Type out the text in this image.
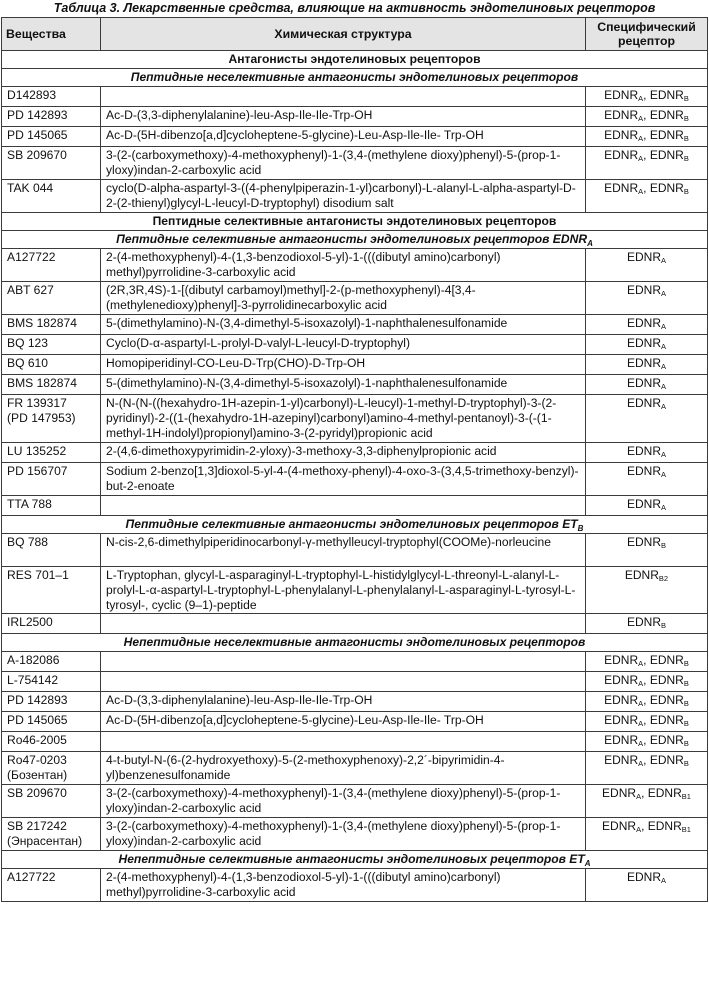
Таблица 3. Лекарственные средства, влияющие на активность эндотелиновых рецепторов
Вещества	Химическая структура	Специфический
рецептор
Антагонисты эндотелиновых рецепторов		
Пептидные неселективные антагонисты эндотелиновых рецепторов		
D142893		$EDNR_A$, $EDNR_B$
PD 142893	Ac-D-(3,3-diphenylalanine)-leu-Asp-Ile-Ile-Trp-OH	$EDNR_A$, $EDNR_B$
PD 145065	Ac-D-(5H-dibenzo[a,d]cycloheptene-5-glycine)-Leu-Asp-Ile-Ile- Trp-OH	$EDNR_A$, $EDNR_B$
SB 209670	3-(2-(carboxymethoxy)-4-methoxyphenyl)-1-(3,4-(methylene dioxy)phenyl)-5-(prop-1-yloxy)indan-2-carboxylic acid	$EDNR_A$, $EDNR_B$
TAK 044	cyclo(D-alpha-aspartyl-3-((4-phenylpiperazin-1-yl)carbonyl)-L-alanyl-L-alpha-aspartyl-D-2-(2-thienyl)glycyl-L-leucyl-D-tryptophyl) disodium salt	$EDNR_A$, $EDNR_B$
Пептидные селективные антагонисты эндотелиновых рецепторов		
Пептидные селективные антагонисты эндотелиновых рецепторов $EDNR_A$
A127722	2-(4-methoxyphenyl)-4-(1,3-benzodioxol-5-yl)-1-(((dibutyl amino)carbonyl) methyl)pyrrolidine-3-carboxylic acid	$EDNR_A$
ABT 627	(2R,3R,4S)-1-[(dibutyl carbamoyl)methyl]-2-(p-methoxyphenyl)-4[3,4-(methylenedioxy)phenyl]-3-pyrrolidinecarboxylic acid	$EDNR_A$
BMS 182874	5-(dimethylamino)-N-(3,4-dimethyl-5-isoxazolyl)-1-naphthalenesulfonamide	$EDNR_A$
BQ 123	Cyclo(D-α-aspartyl-L-prolyl-D-valyl-L-leucyl-D-tryptophyl)	$EDNR_A$
BQ 610	Homopiperidinyl-CO-Leu-D-Trp(CHO)-D-Trp-OH	$EDNR_A$
BMS 182874	5-(dimethylamino)-N-(3,4-dimethyl-5-isoxazolyl)-1-naphthalenesulfonamide	$EDNR_A$
FR 139317
(PD 147953)	N-(N-(N-((hexahydro-1H-azepin-1-yl)carbonyl)-L-leucyl)-1-methyl-D-tryptophyl)-3-(2-pyridinyl)-2-((1-(hexahydro-1H-azepinyl)carbonyl)amino-4-methyl-pentanoyl)-3-(-(1-methyl-1H-indolyl)propionyl)amino-3-(2-pyridyl)propionic acid	$EDNR_A$
LU 135252	2-(4,6-dimethoxypyrimidin-2-yloxy)-3-methoxy-3,3-diphenylpropionic acid	$EDNR_A$
PD 156707	Sodium 2-benzo[1,3]dioxol-5-yl-4-(4-methoxy-phenyl)-4-oxo-3-(3,4,5-trimethoxy-benzyl)-but-2-enoate	$EDNR_A$
TTA 788		$EDNR_A$
Пептидные селективные антагонисты эндотелиновых рецепторов $ET_B$
BQ 788	N-cis-2,6-dimethylpiperidinocarbonyl-γ-methylleucyl-tryptophyl(COOMe)-norleucine	$EDNR_B$
RES 701–1	L-Tryptophan, glycyl-L-asparaginyl-L-tryptophyl-L-histidylglycyl-L-threonyl-L-alanyl-L-prolyl-L-α-aspartyl-L-tryptophyl-L-phenylalanyl-L-phenylalanyl-L-asparaginyl-L-tyrosyl-L-tyrosyl-, cyclic (9–1)-peptide	$EDNR_{B2}$
IRL2500		$EDNR_B$
Непептидные неселективные антагонисты эндотелиновых рецепторов		
A-182086		$EDNR_A$, $EDNR_B$
L-754142		$EDNR_A$, $EDNR_B$
PD 142893	Ac-D-(3,3-diphenylalanine)-leu-Asp-Ile-Ile-Trp-OH	$EDNR_A$, $EDNR_B$
PD 145065	Ac-D-(5H-dibenzo[a,d]cycloheptene-5-glycine)-Leu-Asp-Ile-Ile- Trp-OH	$EDNR_A$, $EDNR_B$
Ro46-2005		$EDNR_A$, $EDNR_B$
Ro47-0203
(Бозентан)	4-t-butyl-N-(6-(2-hydroxyethoxy)-5-(2-methoxyphenoxy)-2,2´-bipyrimidin-4-yl)benzenesulfonamide	$EDNR_A$, $EDNR_B$
SB 209670	3-(2-(carboxymethoxy)-4-methoxyphenyl)-1-(3,4-(methylene dioxy)phenyl)-5-(prop-1-yloxy)indan-2-carboxylic acid	$EDNR_A$, $EDNR_{B1}$
SB 217242
(Энрасентан)	3-(2-(carboxymethoxy)-4-methoxyphenyl)-1-(3,4-(methylene dioxy)phenyl)-5-(prop-1-yloxy)indan-2-carboxylic acid	$EDNR_A$, $EDNR_{B1}$
Непептидные селективные антагонисты эндотелиновых рецепторов $ET_A$
A127722	2-(4-methoxyphenyl)-4-(1,3-benzodioxol-5-yl)-1-(((dibutyl amino)carbonyl) methyl)pyrrolidine-3-carboxylic acid	$EDNR_A$
